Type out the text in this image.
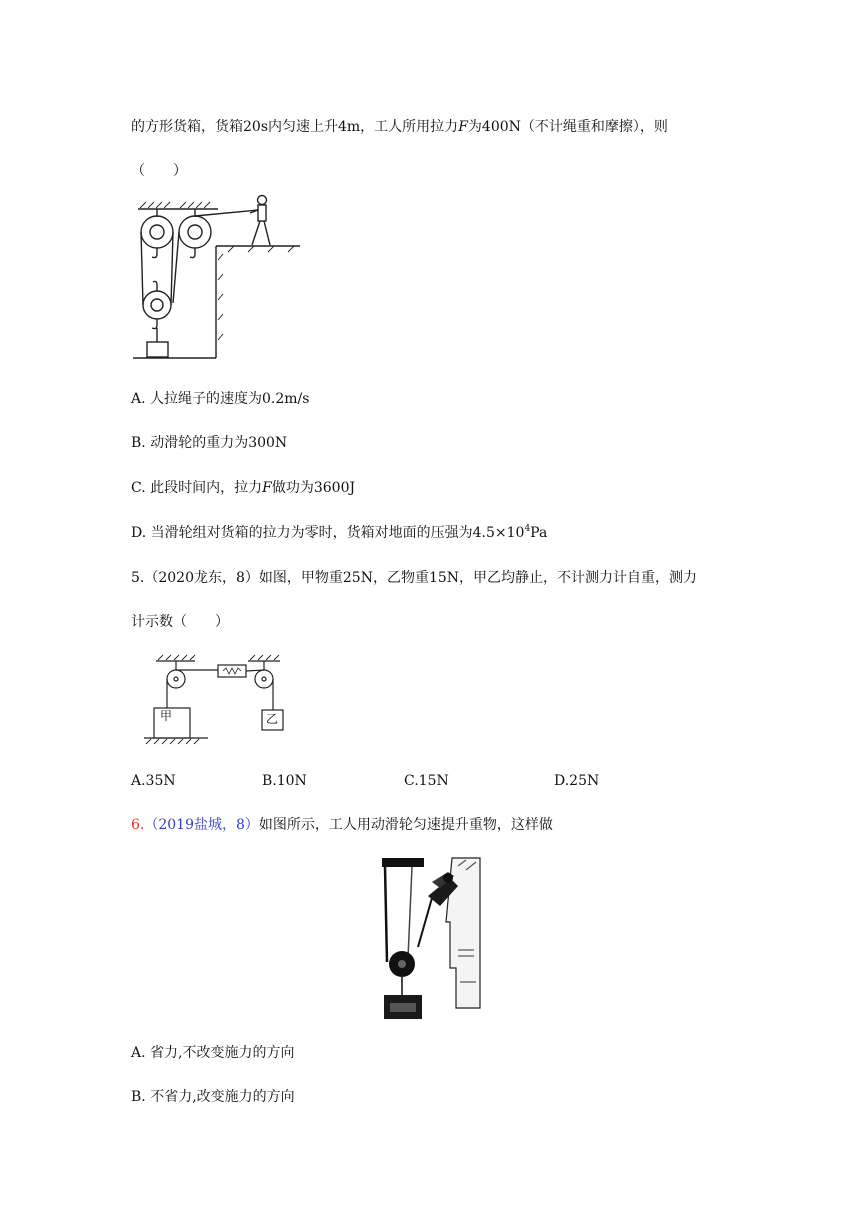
的方形货箱，货箱20s内匀速上升4m，工人所用拉力F为400N（不计绳重和摩擦），则
（　　）
A. 人拉绳子的速度为0.2m/s
B. 动滑轮的重力为300N
C. 此段时间内，拉力F做功为3600J
D. 当滑轮组对货箱的拉力为零时，货箱对地面的压强为$4.5\times 10^4Pa$
5.（2020龙东，8）如图，甲物重25N，乙物重15N，甲乙均静止，不计测力计自重，测力
计示数（　　）
甲	乙
A.35N	B.10N	C.15N	D.25N
6.（2019盐城，8）如图所示，工人用动滑轮匀速提升重物，这样做
A. 省力,不改变施力的方向
B. 不省力,改变施力的方向
